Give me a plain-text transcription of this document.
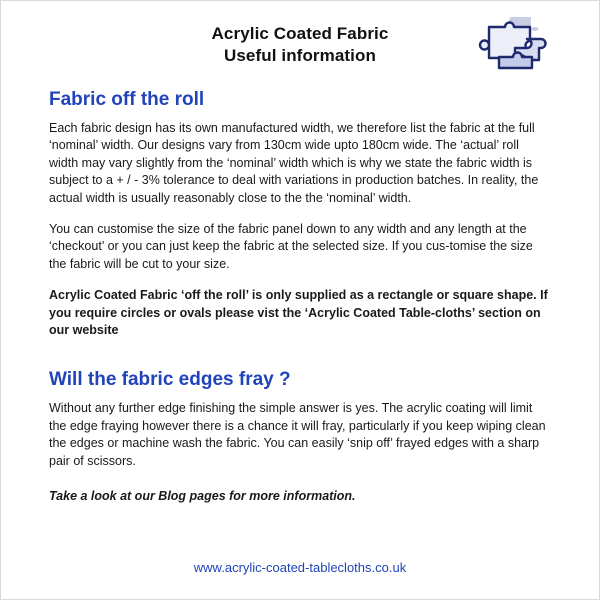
Acrylic Coated Fabric
Useful information
Fabric off the roll

Each fabric design has its own manufactured width, we therefore list the fabric at the full ‘nominal’ width. Our designs vary from 130cm wide upto 180cm wide. The ‘actual’ roll width may vary slightly from the ‘nominal’ width which is why we state the fabric width is subject to a + / - 3% tolerance to deal with variations in production batches. In reality, the actual width is usually reasonably close to the the ‘nominal’ width.

You can customise the size of the fabric panel down to any width and any length at the ‘checkout’ or you can just keep the fabric at the selected size. If you cus-tomise the size the fabric will be cut to your size.

Acrylic Coated Fabric ‘off the roll’ is only supplied as a rectangle or square shape. If you require circles or ovals please vist the ‘Acrylic Coated Table-cloths’ section on our website

Will the fabric edges fray ?

Without any further edge finishing the simple answer is yes. The acrylic coating will limit the edge fraying however there is a chance it will fray, particularly if you keep wiping clean the edges or machine wash the fabric. You can easily ‘snip off’ frayed edges with a sharp pair of scissors.

Take a look at our Blog pages for more information.

www.acrylic-coated-tablecloths.co.uk
